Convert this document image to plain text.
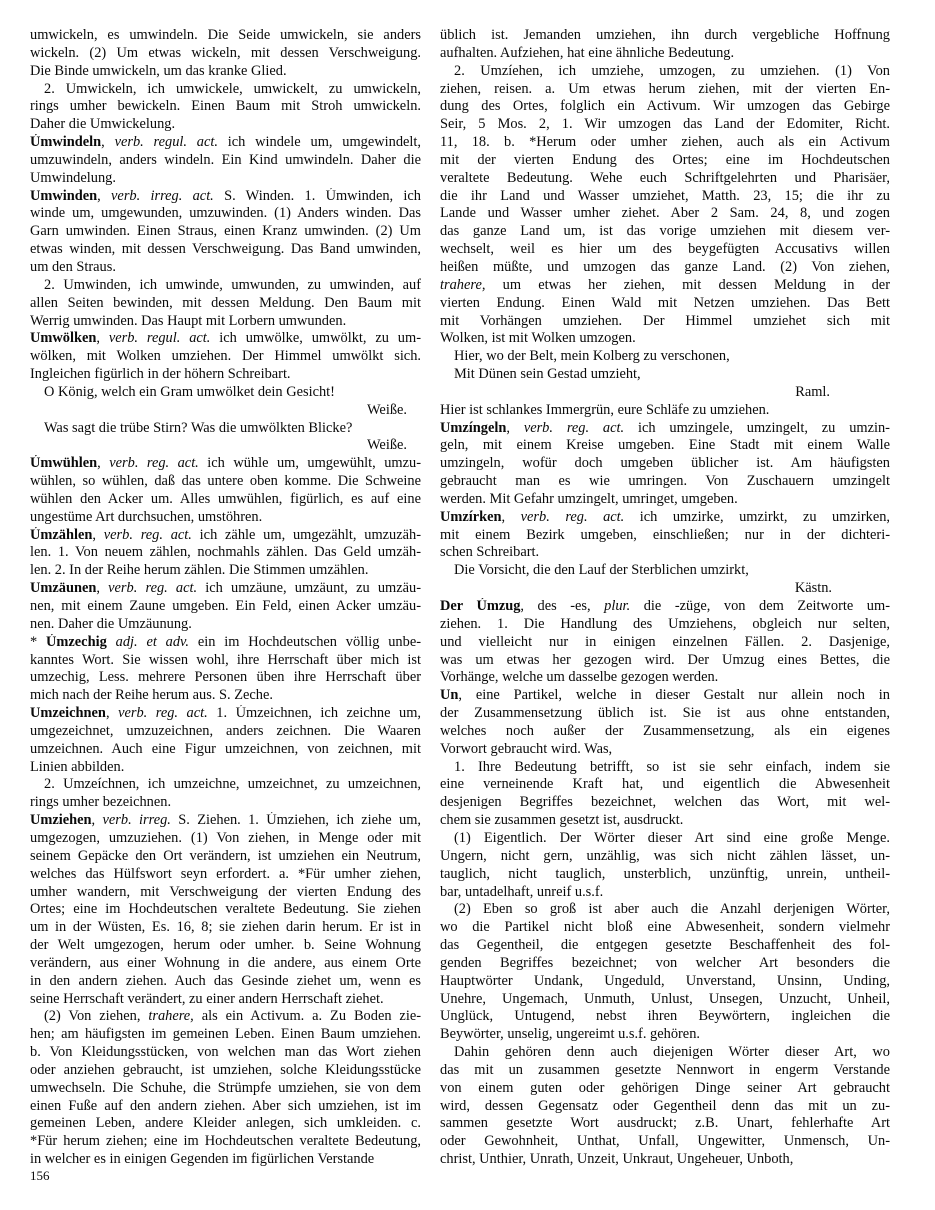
umwickeln, es umwindeln. Die Seide umwickeln, sie anders
wickeln. (2) Um etwas wickeln, mit dessen Verschweigung.
Die Binde umwickeln, um das kranke Glied.
2. Umwickeln, ich umwickele, umwickelt, zu umwickeln,
rings umher bewickeln. Einen Baum mit Stroh umwickeln.
Daher die Umwickelung.
Úmwindeln, verb. regul. act. ich windele um, umgewindelt,
umzuwindeln, anders windeln. Ein Kind umwindeln. Daher die
Umwindelung.
Umwinden, verb. irreg. act. S. Winden. 1. Úmwinden, ich
winde um, umgewunden, umzuwinden. (1) Anders winden. Das
Garn umwinden. Einen Straus, einen Kranz umwinden. (2) Um
etwas winden, mit dessen Verschweigung. Das Band umwinden,
um den Straus.
2. Umwinden, ich umwinde, umwunden, zu umwinden, auf
allen Seiten bewinden, mit dessen Meldung. Den Baum mit
Werrig umwinden. Das Haupt mit Lorbern umwunden.
Umwölken, verb. regul. act. ich umwölke, umwölkt, zu um-
wölken, mit Wolken umziehen. Der Himmel umwölkt sich.
Ingleichen figürlich in der höhern Schreibart.
O König, welch ein Gram umwölket dein Gesicht!
Weiße.
Was sagt die trübe Stirn? Was die umwölkten Blicke?
Weiße.
Úmwühlen, verb. reg. act. ich wühle um, umgewühlt, umzu-
wühlen, so wühlen, daß das untere oben komme. Die Schweine
wühlen den Acker um. Alles umwühlen, figürlich, es auf eine
ungestüme Art durchsuchen, umstöhren.
Úmzählen, verb. reg. act. ich zähle um, umgezählt, umzuzäh-
len. 1. Von neuem zählen, nochmahls zählen. Das Geld umzäh-
len. 2. In der Reihe herum zählen. Die Stimmen umzählen.
Umzäunen, verb. reg. act. ich umzäune, umzäunt, zu umzäu-
nen, mit einem Zaune umgeben. Ein Feld, einen Acker umzäu-
nen. Daher die Umzäunung.
* Úmzechig adj. et adv. ein im Hochdeutschen völlig unbe-
kanntes Wort. Sie wissen wohl, ihre Herrschaft über mich ist
umzechig, Less. mehrere Personen üben ihre Herrschaft über
mich nach der Reihe herum aus. S. Zeche.
Umzeichnen, verb. reg. act. 1. Úmzeichnen, ich zeichne um,
umgezeichnet, umzuzeichnen, anders zeichnen. Die Waaren
umzeichnen. Auch eine Figur umzeichnen, von zeichnen, mit
Linien abbilden.
2. Umzeíchnen, ich umzeichne, umzeichnet, zu umzeichnen,
rings umher bezeichnen.
Umziehen, verb. irreg. S. Ziehen. 1. Úmziehen, ich ziehe um,
umgezogen, umzuziehen. (1) Von ziehen, in Menge oder mit
seinem Gepäcke den Ort verändern, ist umziehen ein Neutrum,
welches das Hülfswort seyn erfordert. a. *Für umher ziehen,
umher wandern, mit Verschweigung der vierten Endung des
Ortes; eine im Hochdeutschen veraltete Bedeutung. Sie ziehen
um in der Wüsten, Es. 16, 8; sie ziehen darin herum. Er ist in
der Welt umgezogen, herum oder umher. b. Seine Wohnung
verändern, aus einer Wohnung in die andere, aus einem Orte
in den andern ziehen. Auch das Gesinde ziehet um, wenn es
seine Herrschaft verändert, zu einer andern Herrschaft ziehet.
(2) Von ziehen, trahere, als ein Activum. a. Zu Boden zie-
hen; am häufigsten im gemeinen Leben. Einen Baum umziehen.
b. Von Kleidungsstücken, von welchen man das Wort ziehen
oder anziehen gebraucht, ist umziehen, solche Kleidungsstücke
umwechseln. Die Schuhe, die Strümpfe umziehen, sie von dem
einen Fuße auf den andern ziehen. Aber sich umziehen, ist im
gemeinen Leben, andere Kleider anlegen, sich umkleiden. c.
*Für herum ziehen; eine im Hochdeutschen veraltete Bedeutung,
in welcher es in einigen Gegenden im figürlichen Verstande
üblich ist. Jemanden umziehen, ihn durch vergebliche Hoffnung
aufhalten. Aufziehen, hat eine ähnliche Bedeutung.
2. Umzíehen, ich umziehe, umzogen, zu umziehen. (1) Von
ziehen, reisen. a. Um etwas herum ziehen, mit der vierten En-
dung des Ortes, folglich ein Activum. Wir umzogen das Gebirge
Seir, 5 Mos. 2, 1. Wir umzogen das Land der Edomiter, Richt.
11, 18. b. *Herum oder umher ziehen, auch als ein Activum
mit der vierten Endung des Ortes; eine im Hochdeutschen
veraltete Bedeutung. Wehe euch Schriftgelehrten und Pharisäer,
die ihr Land und Wasser umziehet, Matth. 23, 15; die ihr zu
Lande und Wasser umher ziehet. Aber 2 Sam. 24, 8, und zogen
das ganze Land um, ist das vorige umziehen mit diesem ver-
wechselt, weil es hier um des beygefügten Accusativs willen
heißen müßte, und umzogen das ganze Land. (2) Von ziehen,
trahere, um etwas her ziehen, mit dessen Meldung in der
vierten Endung. Einen Wald mit Netzen umziehen. Das Bett
mit Vorhängen umziehen. Der Himmel umziehet sich mit
Wolken, ist mit Wolken umzogen.
Hier, wo der Belt, mein Kolberg zu verschonen,
Mit Dünen sein Gestad umzieht,
Raml.
Hier ist schlankes Immergrün, eure Schläfe zu umziehen.
Umzíngeln, verb. reg. act. ich umzingele, umzingelt, zu umzin-
geln, mit einem Kreise umgeben. Eine Stadt mit einem Walle
umzingeln, wofür doch umgeben üblicher ist. Am häufigsten
gebraucht man es wie umringen. Von Zuschauern umzingelt
werden. Mit Gefahr umzingelt, umringet, umgeben.
Umzírken, verb. reg. act. ich umzirke, umzirkt, zu umzirken,
mit einem Bezirk umgeben, einschließen; nur in der dichteri-
schen Schreibart.
Die Vorsicht, die den Lauf der Sterblichen umzirkt,
Kästn.
Der Úmzug, des -es, plur. die -züge, von dem Zeitworte um-
ziehen. 1. Die Handlung des Umziehens, obgleich nur selten,
und vielleicht nur in einigen einzelnen Fällen. 2. Dasjenige,
was um etwas her gezogen wird. Der Umzug eines Bettes, die
Vorhänge, welche um dasselbe gezogen werden.
Un, eine Partikel, welche in dieser Gestalt nur allein noch in
der Zusammensetzung üblich ist. Sie ist aus ohne entstanden,
welches noch außer der Zusammensetzung, als ein eigenes
Vorwort gebraucht wird. Was,
1. Ihre Bedeutung betrifft, so ist sie sehr einfach, indem sie
eine verneinende Kraft hat, und eigentlich die Abwesenheit
desjenigen Begriffes bezeichnet, welchen das Wort, mit wel-
chem sie zusammen gesetzt ist, ausdruckt.
(1) Eigentlich. Der Wörter dieser Art sind eine große Menge.
Ungern, nicht gern, unzählig, was sich nicht zählen lässet, un-
tauglich, nicht tauglich, unsterblich, unzünftig, unrein, untheil-
bar, untadelhaft, unreif u.s.f.
(2) Eben so groß ist aber auch die Anzahl derjenigen Wörter,
wo die Partikel nicht bloß eine Abwesenheit, sondern vielmehr
das Gegentheil, die entgegen gesetzte Beschaffenheit des fol-
genden Begriffes bezeichnet; von welcher Art besonders die
Hauptwörter Undank, Ungeduld, Unverstand, Unsinn, Unding,
Unehre, Ungemach, Unmuth, Unlust, Unsegen, Unzucht, Unheil,
Unglück, Untugend, nebst ihren Beywörtern, ingleichen die
Beywörter, unselig, ungereimt u.s.f. gehören.
Dahin gehören denn auch diejenigen Wörter dieser Art, wo
das mit un zusammen gesetzte Nennwort in engerm Verstande
von einem guten oder gehörigen Dinge seiner Art gebraucht
wird, dessen Gegensatz oder Gegentheil denn das mit un zu-
sammen gesetzte Wort ausdruckt; z.B. Unart, fehlerhafte Art
oder Gewohnheit, Unthat, Unfall, Ungewitter, Unmensch, Un-
christ, Unthier, Unrath, Unzeit, Unkraut, Ungeheuer, Unboth,
156
